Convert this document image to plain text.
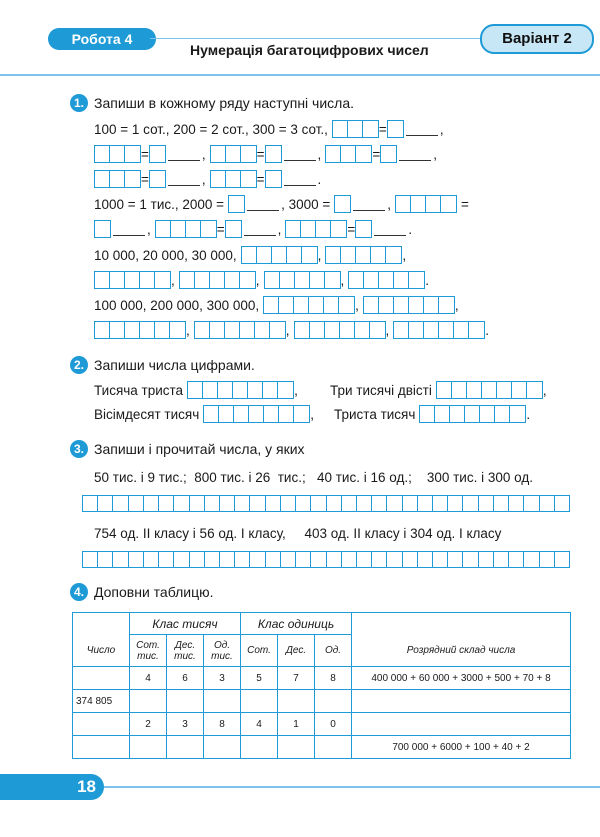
Робота 4
Нумерація багатоцифрових чисел
Варіант 2
1. Запиши в кожному ряду наступні числа.
100 = 1 сот., 200 = 2 сот., 300 = 3 сот.,	=	,
=	,	=	,	=	,
=	,	=	.
1000 = 1 тис., 2000 =	, 3000 =	,	=
,	=	,	=	.
10 000, 20 000, 30 000,	,	,
,	,	,	.
100 000, 200 000, 300 000,	,	,
,	,	,	.
2. Запиши числа цифрами.
Тисяча триста	, Три тисячі двісті	,
Вісімдесят тисяч	, Триста тисяч	.
3. Запиши і прочитай числа, у яких
50 тис. і 9 тис.;  800 тис. і 26  тис.;   40 тис. і 16 од.;    300 тис. і 300 од.
754 од. ІІ класу і 56 од. І класу,     403 од. ІІ класу і 304 од. І класу
4. Доповни таблицю.
	Клас тисяч			Клас одиниць			
Число	Сот. тис.	Дес. тис.	Од. тис.	Сот.	Дес.	Од.	Розрядний склад числа
	4	6	3	5	7	8	400 000 + 60 000 + 3000 + 500 + 70 + 8
374 805							
	2	3	8	4	1	0	
							700 000 + 6000 + 100 + 40 + 2
18
